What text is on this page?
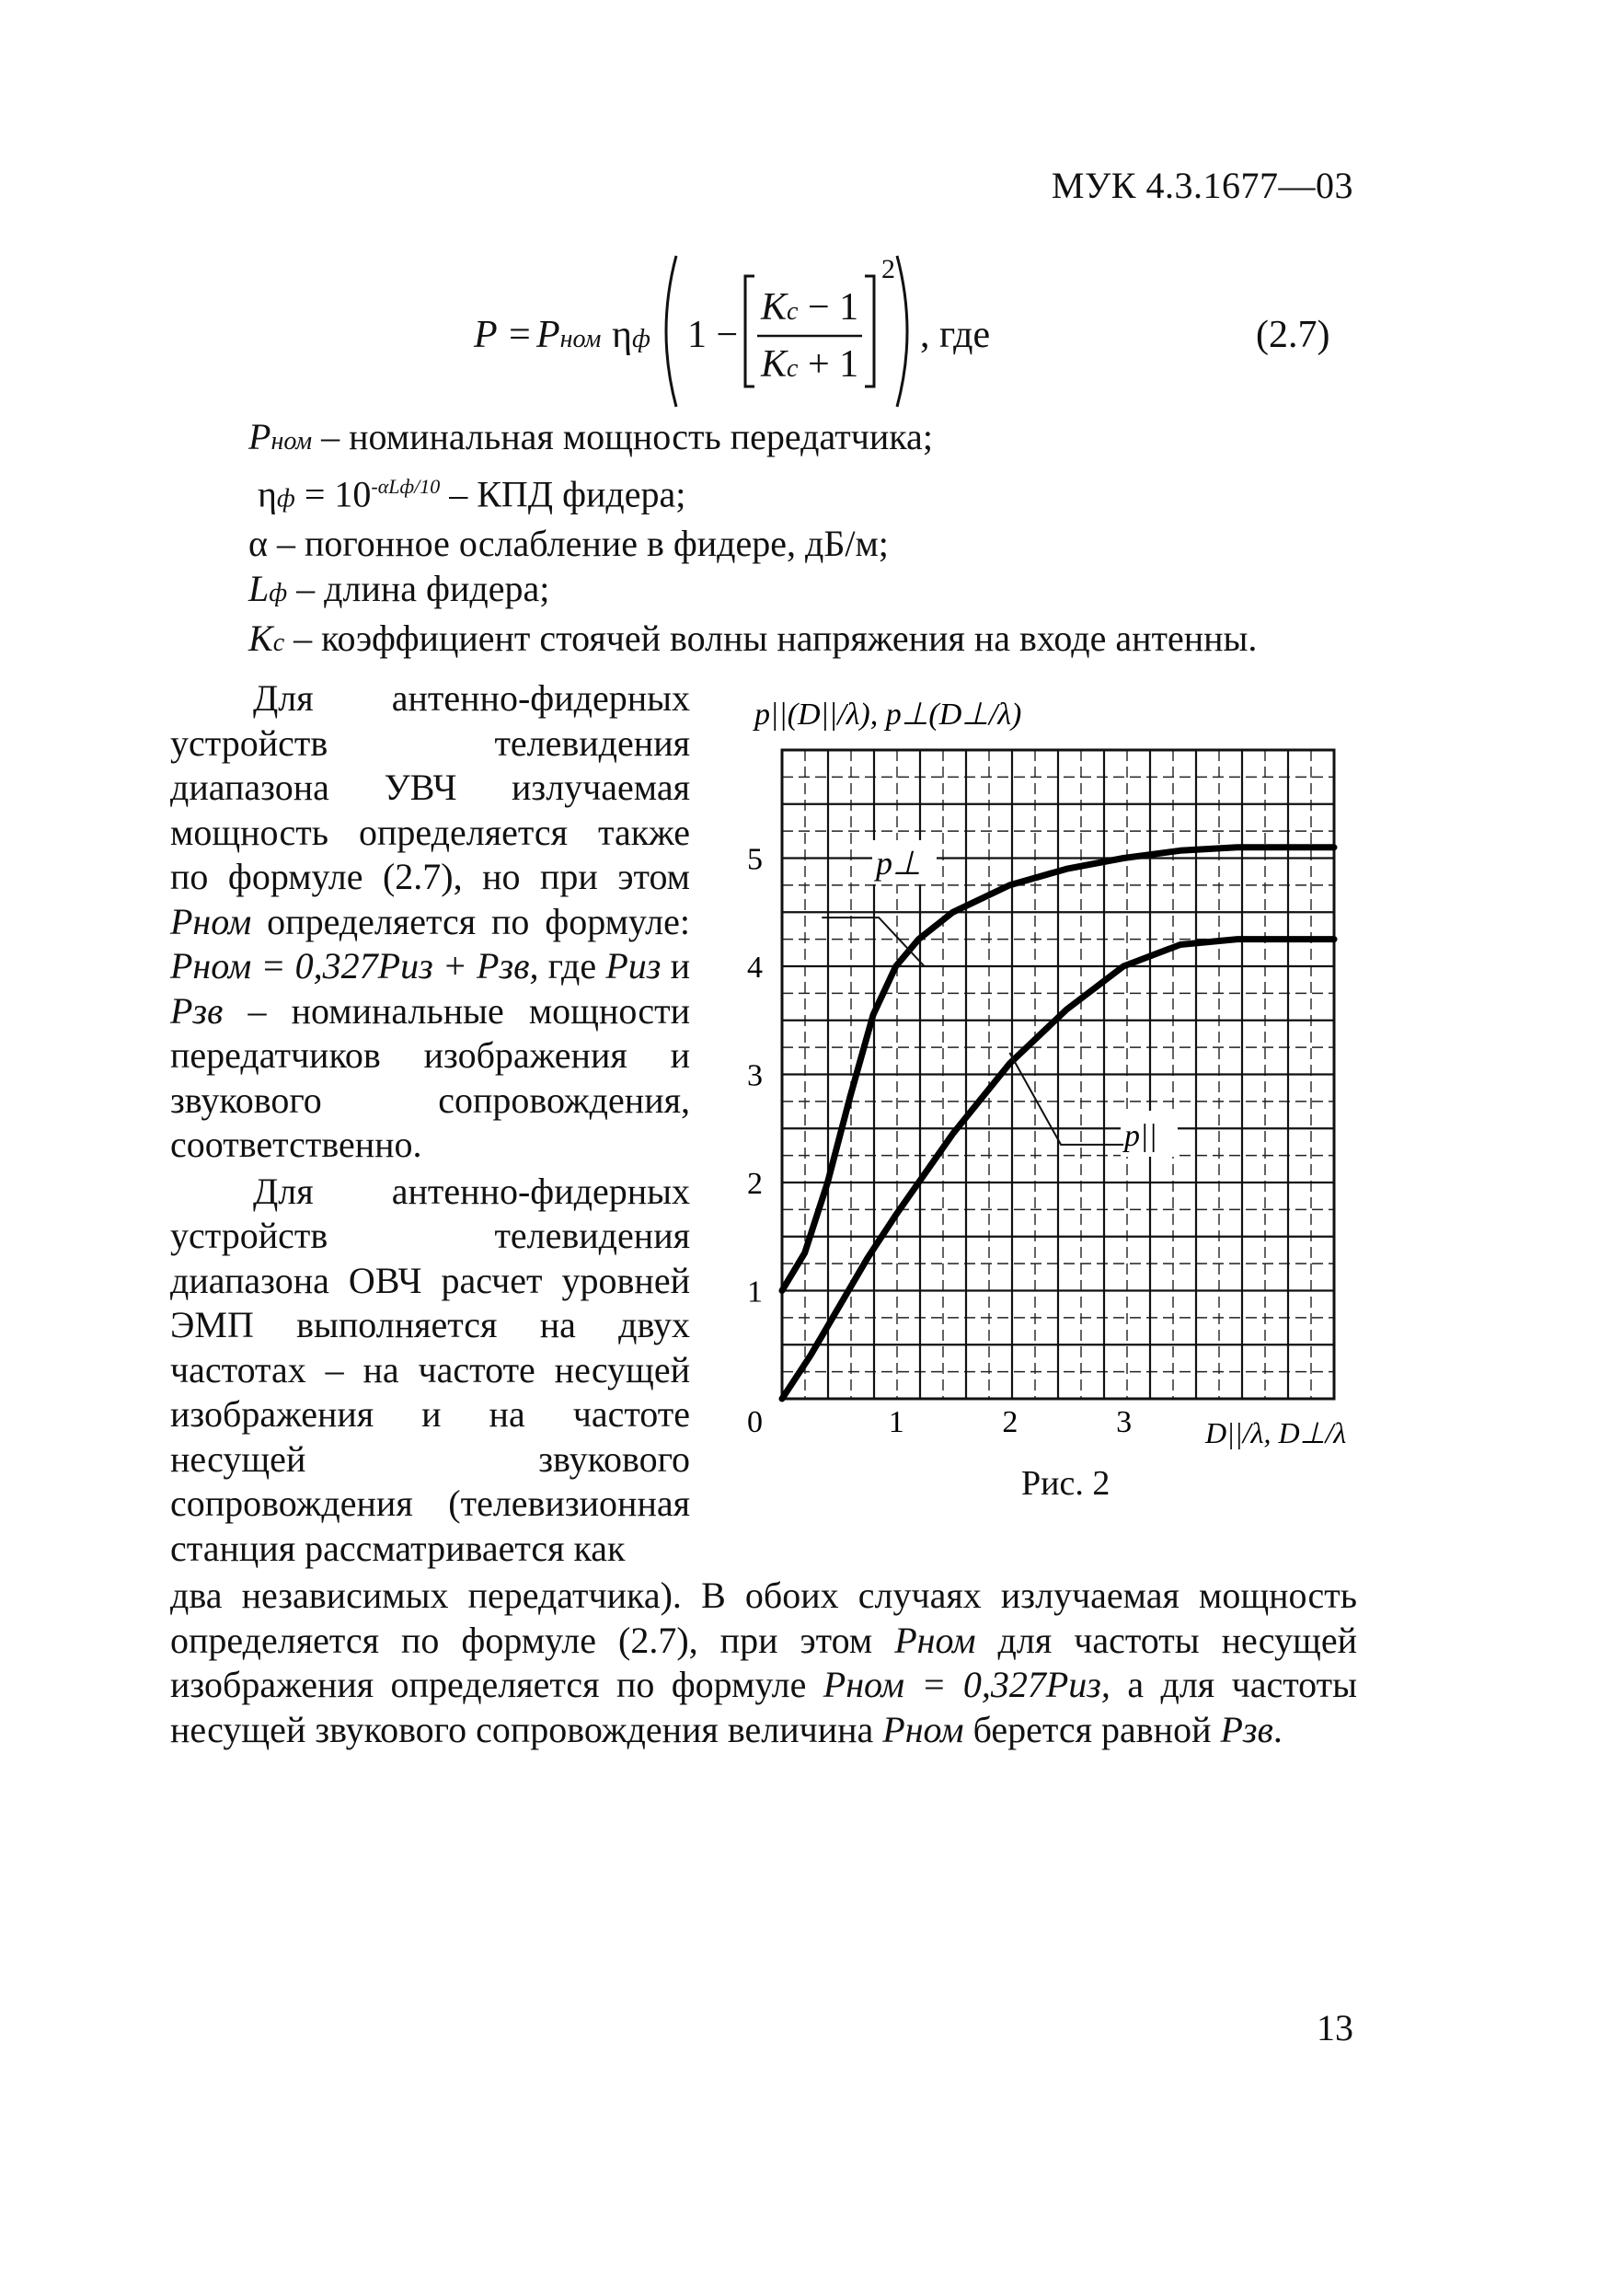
МУК 4.3.1677—03
P = Pном ηф 1 −
Kс − 1
Kс + 1
2
, где	(2.7)
Pном – номинальная мощность передатчика;
$\eta ф = 10^{-\alpha Lф/10}$ – КПД фидера;
α – погонное ослабление в фидере, дБ/м;
Lф – длина фидера;
Kс – коэффициент стоячей волны напряжения на входе антенны.

Для антенно-фидерных устройств телевидения диапазона УВЧ излучаемая мощность определяется также по формуле (2.7), но при этом Pном определяется по формуле: Pном = 0,327Pиз + Pзв, где Pиз и Pзв – номинальные мощности передатчиков изображения и звукового сопровождения, соответственно.

Для антенно-фидерных устройств телевидения диапазона ОВЧ расчет уровней ЭМП выполняется на двух частотах – на частоте несущей изображения и на частоте несущей звукового сопровождения (телевизионная станция рассматривается как

p||(D||/λ), p⊥(D⊥/λ)
D||/λ, D⊥/λ
0	1	2	3
1
2
3
4
5	p⊥
p||
Рис. 2

два независимых передатчика). В обоих случаях излучаемая мощность определяется по формуле (2.7), при этом Pном для частоты несущей изображения определяется по формуле Pном = 0,327Pиз, а для частоты несущей звукового сопровождения величина Pном берется равной Pзв.

13
